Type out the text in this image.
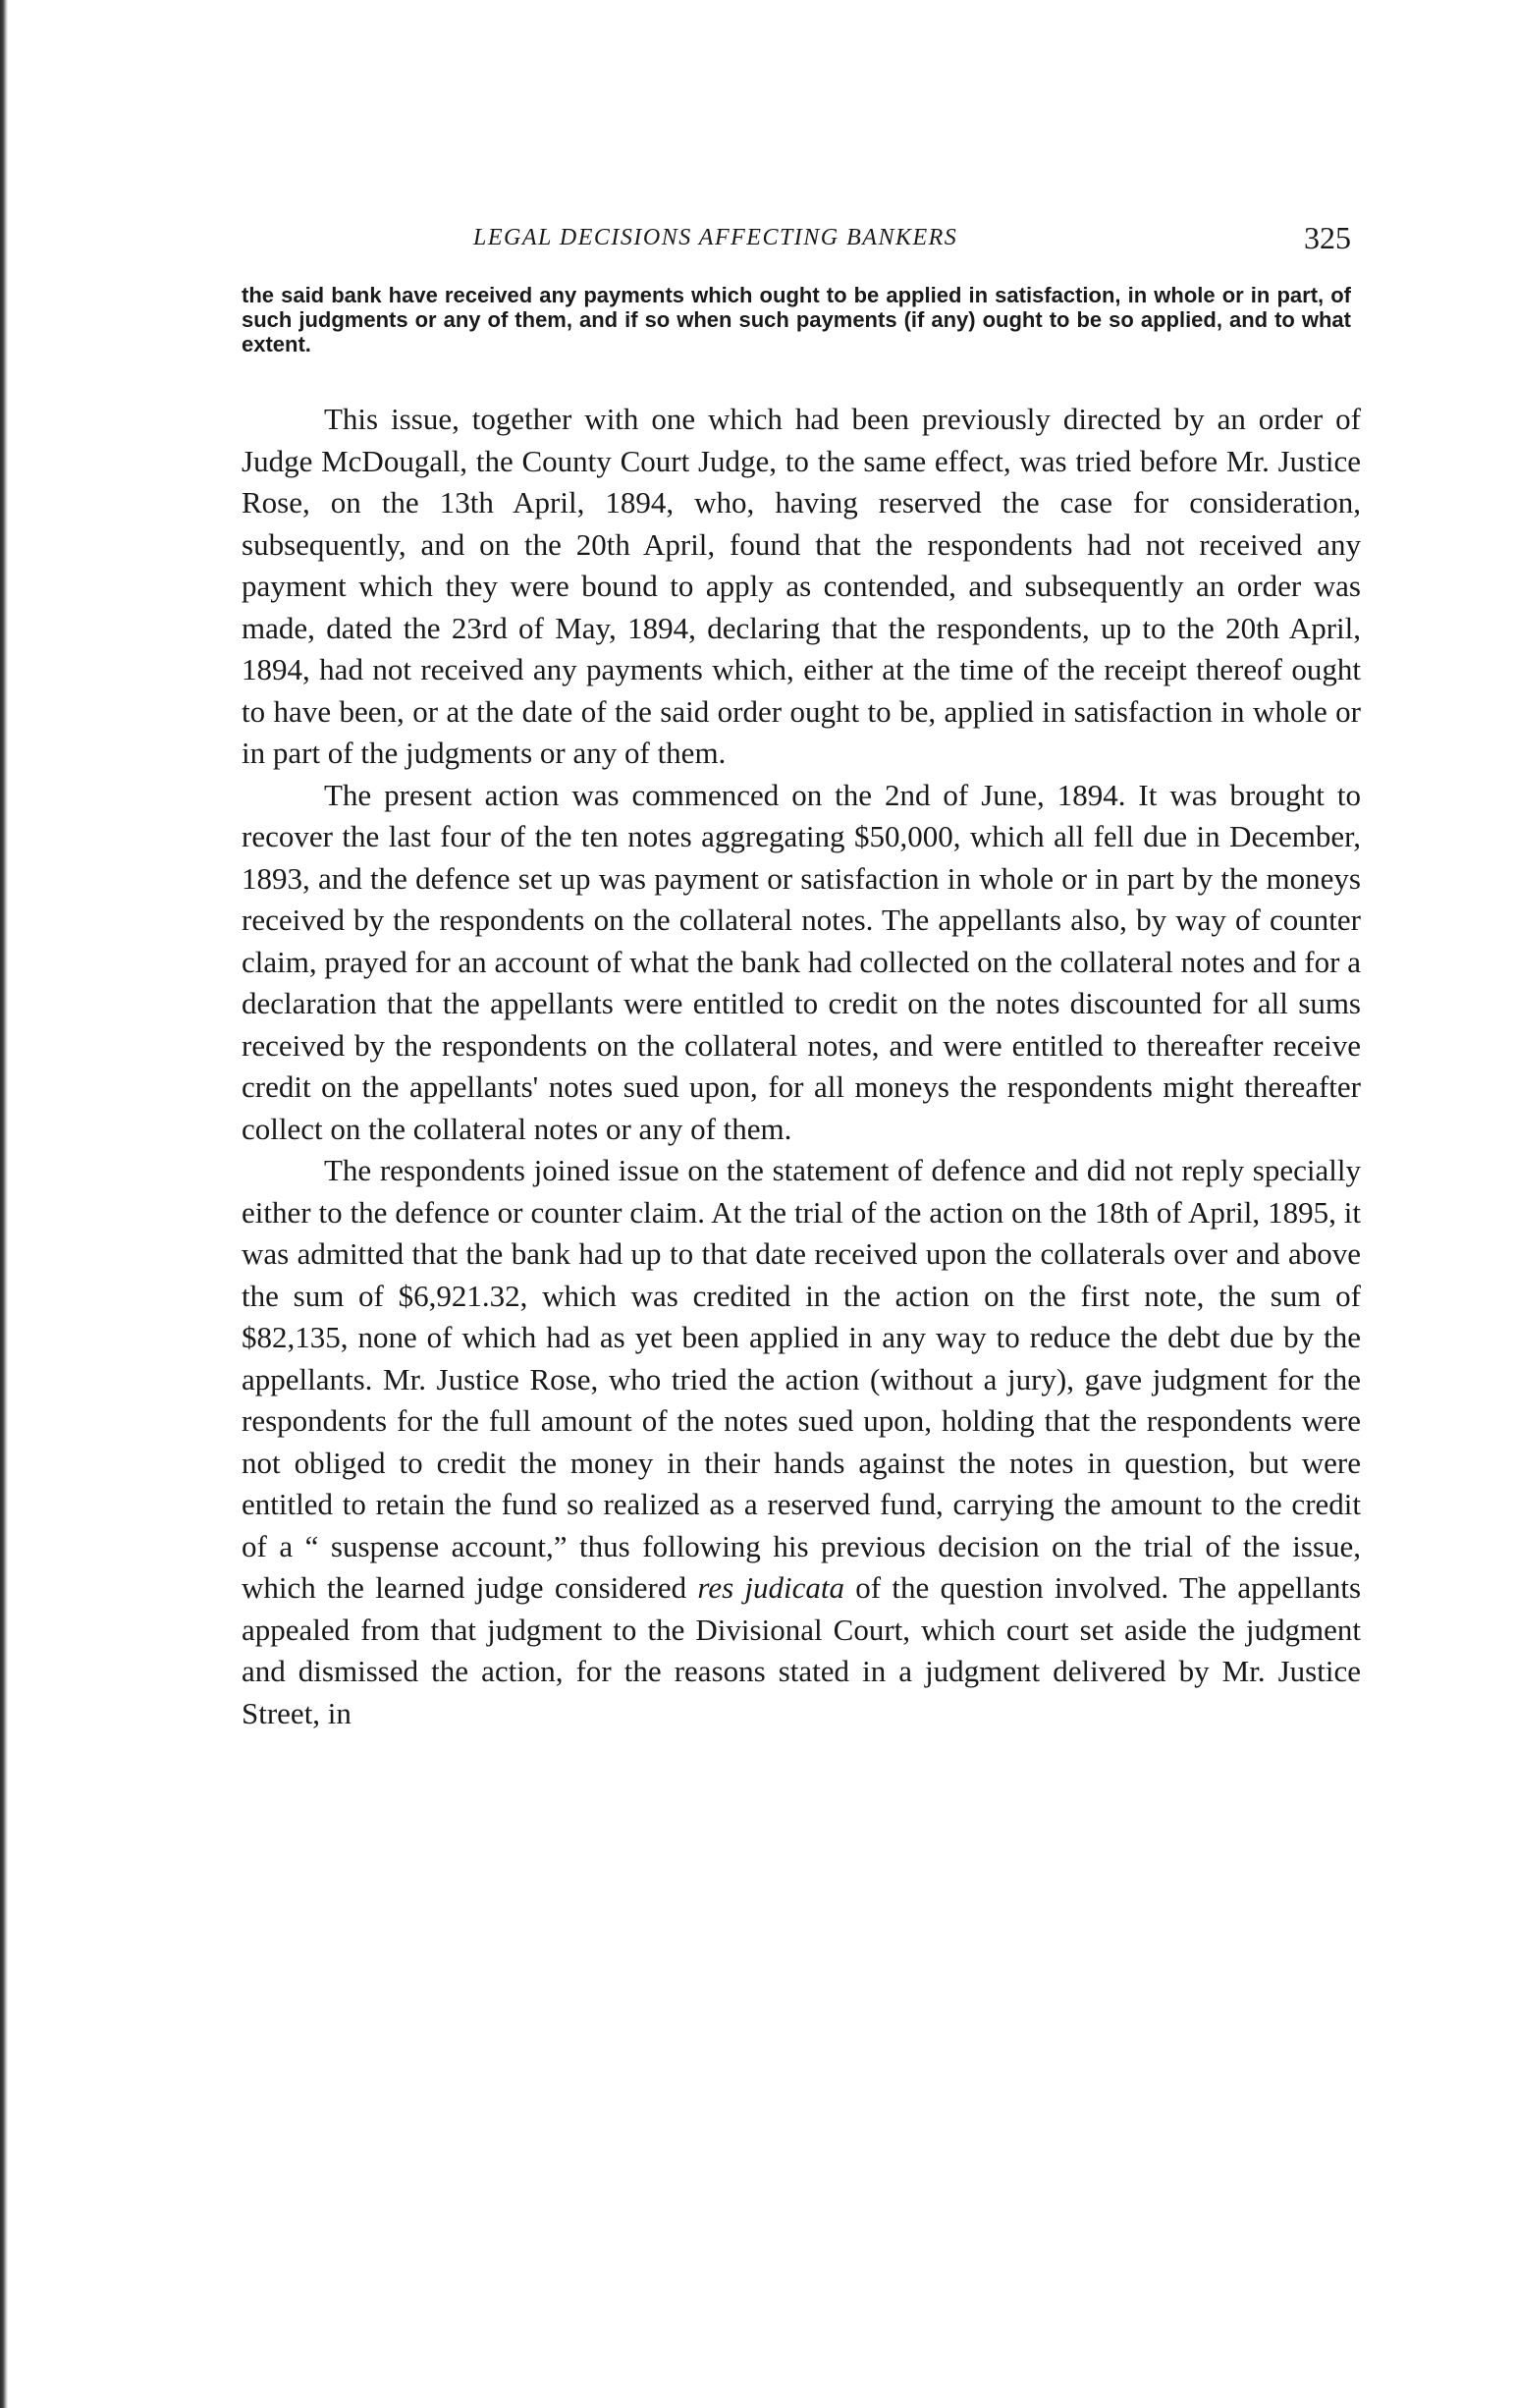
LEGAL DECISIONS AFFECTING BANKERS	325

the said bank have received any payments which ought to be applied in satisfaction, in whole or in part, of such judgments or any of them, and if so when such payments (if any) ought to be so applied, and to what extent.

This issue, together with one which had been previously directed by an order of Judge McDougall, the County Court Judge, to the same effect, was tried before Mr. Justice Rose, on the 13th April, 1894, who, having reserved the case for consideration, subsequently, and on the 20th April, found that the respondents had not received any payment which they were bound to apply as contended, and subsequently an order was made, dated the 23rd of May, 1894, declaring that the respondents, up to the 20th April, 1894, had not received any payments which, either at the time of the receipt thereof ought to have been, or at the date of the said order ought to be, applied in satisfaction in whole or in part of the judgments or any of them.

The present action was commenced on the 2nd of June, 1894. It was brought to recover the last four of the ten notes aggregating $50,000, which all fell due in December, 1893, and the defence set up was payment or satisfaction in whole or in part by the moneys received by the respondents on the collateral notes. The appellants also, by way of counter claim, prayed for an account of what the bank had collected on the collateral notes and for a declaration that the appellants were entitled to credit on the notes discounted for all sums received by the respondents on the collateral notes, and were entitled to thereafter receive credit on the appellants' notes sued upon, for all moneys the respondents might thereafter collect on the collateral notes or any of them.

The respondents joined issue on the statement of defence and did not reply specially either to the defence or counter claim. At the trial of the action on the 18th of April, 1895, it was admitted that the bank had up to that date received upon the collaterals over and above the sum of $6,921.32, which was credited in the action on the first note, the sum of $82,135, none of which had as yet been applied in any way to reduce the debt due by the appellants. Mr. Justice Rose, who tried the action (without a jury), gave judgment for the respondents for the full amount of the notes sued upon, holding that the respondents were not obliged to credit the money in their hands against the notes in question, but were entitled to retain the fund so realized as a reserved fund, carrying the amount to the credit of a “ suspense account,” thus following his previous decision on the trial of the issue, which the learned judge considered res judicata of the question involved. The appellants appealed from that judgment to the Divisional Court, which court set aside the judgment and dismissed the action, for the reasons stated in a judgment delivered by Mr. Justice Street, in
